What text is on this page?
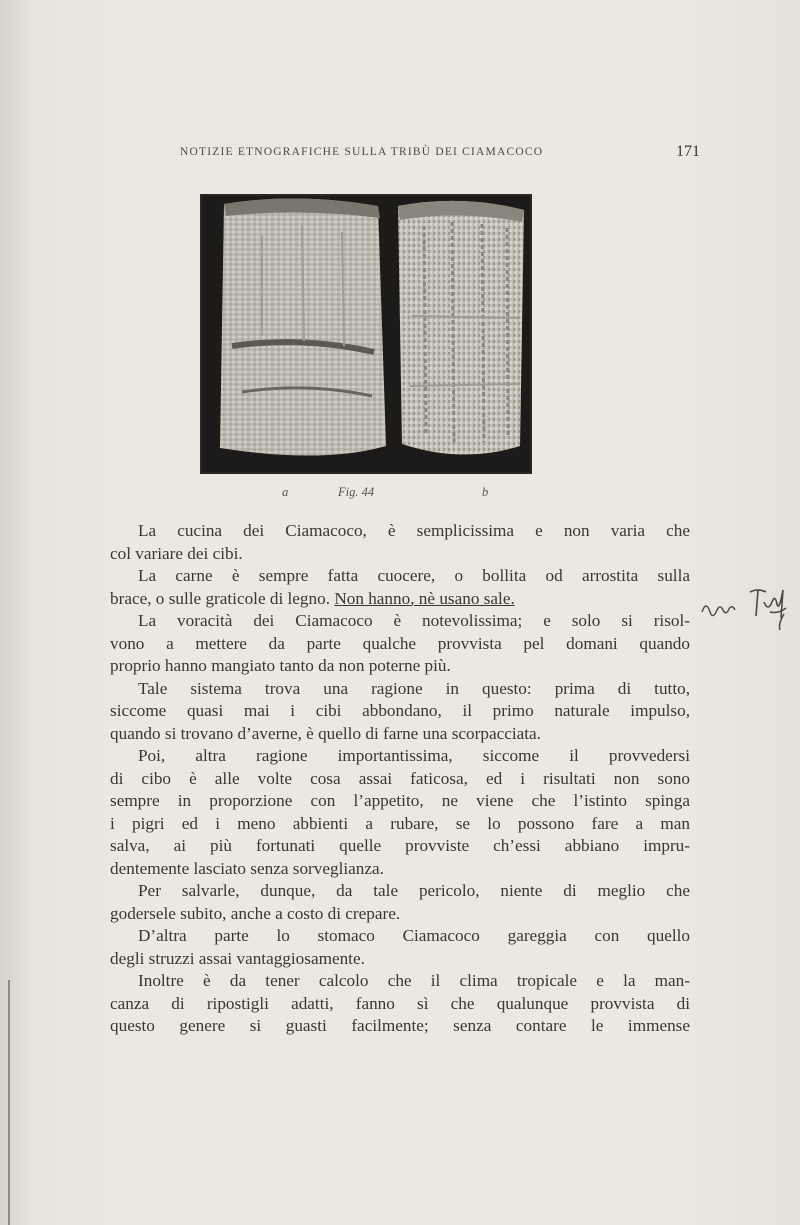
NOTIZIE ETNOGRAFICHE SULLA TRIBÙ DEI CIAMACOCO	171
a	Fig. 44	b
La cucina dei Ciamacoco, è semplicissima e non varia che
col variare dei cibi.
La carne è sempre fatta cuocere, o bollita od arrostita sulla
brace, o sulle graticole di legno. Non hanno, nè usano sale.
La voracità dei Ciamacoco è notevolissima; e solo si risol-
vono a mettere da parte qualche provvista pel domani quando
proprio hanno mangiato tanto da non poterne più.
Tale sistema trova una ragione in questo: prima di tutto,
siccome quasi mai i cibi abbondano, il primo naturale impulso,
quando si trovano d’averne, è quello di farne una scorpacciata.
Poi, altra ragione importantissima, siccome il provvedersi
di cibo è alle volte cosa assai faticosa, ed i risultati non sono
sempre in proporzione con l’appetito, ne viene che l’istinto spinga
i pigri ed i meno abbienti a rubare, se lo possono fare a man
salva, ai più fortunati quelle provviste ch’essi abbiano impru-
dentemente lasciato senza sorveglianza.
Per salvarle, dunque, da tale pericolo, niente di meglio che
godersele subito, anche a costo di crepare.
D’altra parte lo stomaco Ciamacoco gareggia con quello
degli struzzi assai vantaggiosamente.
Inoltre è da tener calcolo che il clima tropicale e la man-
canza di ripostigli adatti, fanno sì che qualunque provvista di
questo genere si guasti facilmente; senza contare le immense
